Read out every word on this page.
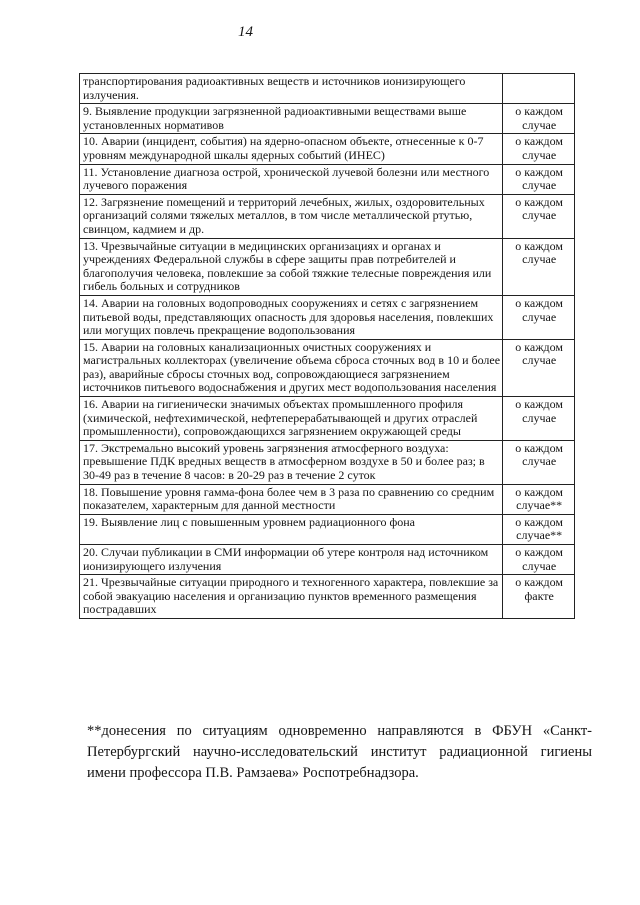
14
транспортирования радиоактивных веществ и источников ионизирующего излучения.	
9. Выявление продукции загрязненной радиоактивными веществами выше установленных нормативов	о каждом случае
10. Аварии (инцидент, события) на ядерно-опасном объекте, отнесенные к 0-7 уровням международной шкалы ядерных событий (ИНЕС)	о каждом случае
11. Установление диагноза острой, хронической лучевой болезни или местного лучевого поражения	о каждом случае
12. Загрязнение помещений и территорий лечебных, жилых, оздоровительных организаций солями тяжелых металлов, в том числе металлической ртутью, свинцом, кадмием и др.	о каждом случае
13. Чрезвычайные ситуации в медицинских организациях и органах и учреждениях Федеральной службы в сфере защиты прав потребителей и благополучия человека, повлекшие за собой тяжкие телесные повреждения или гибель больных и сотрудников	о каждом случае
14. Аварии на головных водопроводных сооружениях и сетях с загрязнением питьевой воды, представляющих опасность для здоровья населения, повлекших или могущих повлечь прекращение водопользования	о каждом случае
15. Аварии на головных канализационных очистных сооружениях и магистральных коллекторах (увеличение объема сброса сточных вод в 10 и более раз), аварийные сбросы сточных вод, сопровождающиеся загрязнением источников питьевого водоснабжения и других мест водопользования населения	о каждом случае
16. Аварии на гигиенически значимых объектах промышленного профиля (химической, нефтехимической, нефтеперерабатывающей и других отраслей промышленности), сопровождающихся загрязнением окружающей среды	о каждом случае
17. Экстремально высокий уровень загрязнения атмосферного воздуха: превышение ПДК вредных веществ в атмосферном воздухе в 50 и более раз; в 30-49 раз в течение 8 часов: в 20-29 раз в течение 2 суток	о каждом случае
18. Повышение уровня гамма-фона более чем в 3 раза по сравнению со средним показателем, характерным для данной местности	о каждом случае**
19. Выявление лиц с повышенным уровнем радиационного фона	о каждом случае**
20. Случаи публикации в СМИ информации об утере контроля над источником ионизирующего излучения	о каждом случае
21. Чрезвычайные ситуации природного и техногенного характера, повлекшие за собой эвакуацию населения и организацию пунктов временного размещения пострадавших	о каждом факте

**донесения по ситуациям одновременно направляются в ФБУН «Санкт-Петербургский научно-исследовательский институт радиационной гигиены имени профессора П.В. Рамзаева» Роспотребнадзора.
